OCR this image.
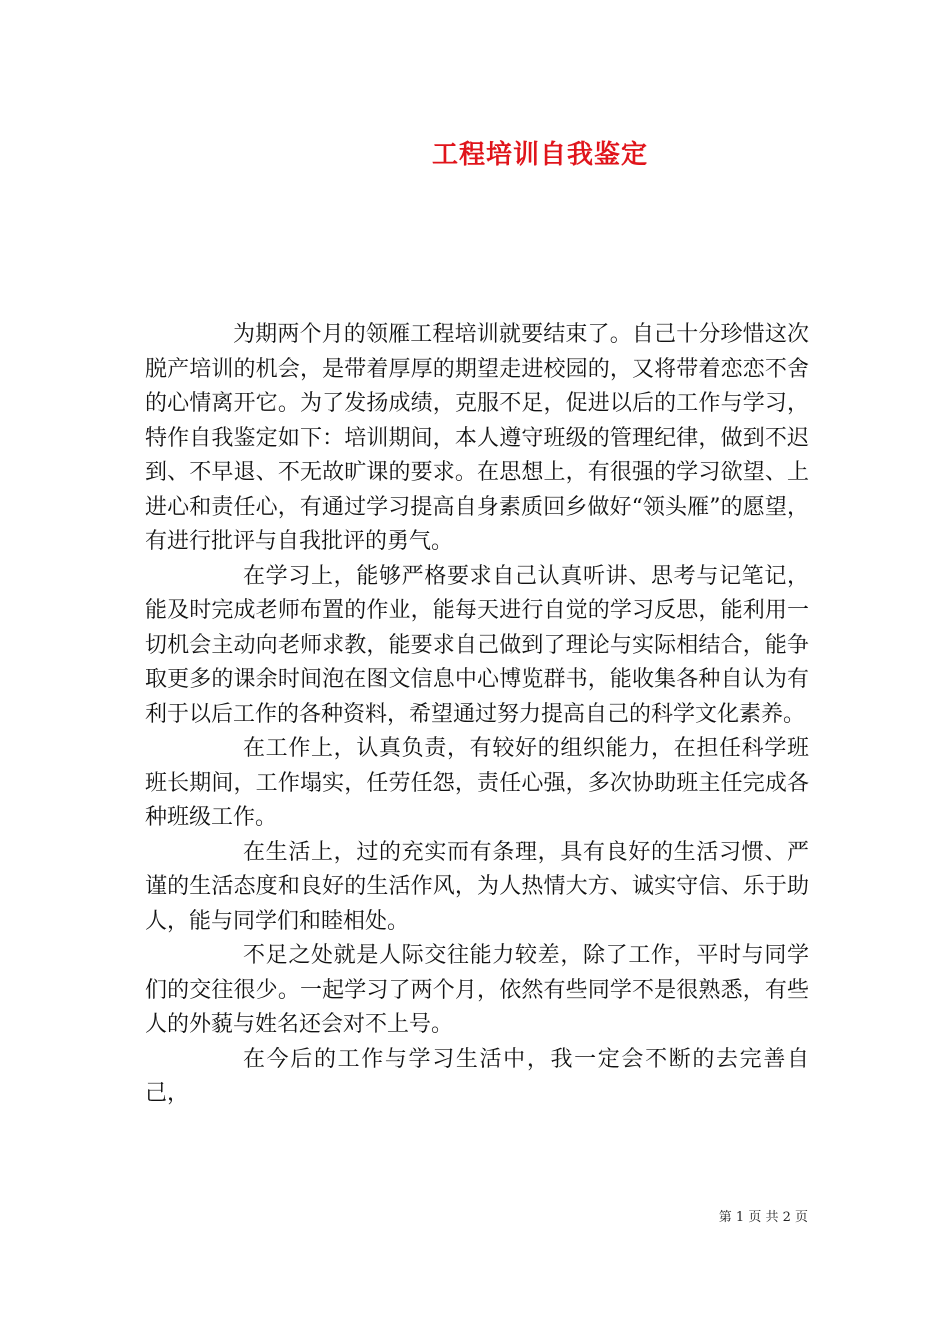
工程培训自我鉴定

为期两个月的领雁工程培训就要结束了。自己十分珍惜这次脱产培训的机会，是带着厚厚的期望走进校园的，又将带着恋恋不舍的心情离开它。为了发扬成绩，克服不足，促进以后的工作与学习，特作自我鉴定如下：培训期间，本人遵守班级的管理纪律，做到不迟到、不早退、不无故旷课的要求。在思想上，有很强的学习欲望、上进心和责任心，有通过学习提高自身素质回乡做好“领头雁”的愿望，有进行批评与自我批评的勇气。

在学习上，能够严格要求自己认真听讲、思考与记笔记，能及时完成老师布置的作业，能每天进行自觉的学习反思，能利用一切机会主动向老师求教，能要求自己做到了理论与实际相结合，能争取更多的课余时间泡在图文信息中心博览群书，能收集各种自认为有利于以后工作的各种资料，希望通过努力提高自己的科学文化素养。

在工作上，认真负责，有较好的组织能力，在担任科学班班长期间，工作塌实，任劳任怨，责任心强，多次协助班主任完成各种班级工作。

在生活上，过的充实而有条理，具有良好的生活习惯、严谨的生活态度和良好的生活作风，为人热情大方、诚实守信、乐于助人，能与同学们和睦相处。

不足之处就是人际交往能力较差，除了工作，平时与同学们的交往很少。一起学习了两个月，依然有些同学不是很熟悉，有些人的外藐与姓名还会对不上号。

在今后的工作与学习生活中，我一定会不断的去完善自己，

第 1 页 共 2 页
